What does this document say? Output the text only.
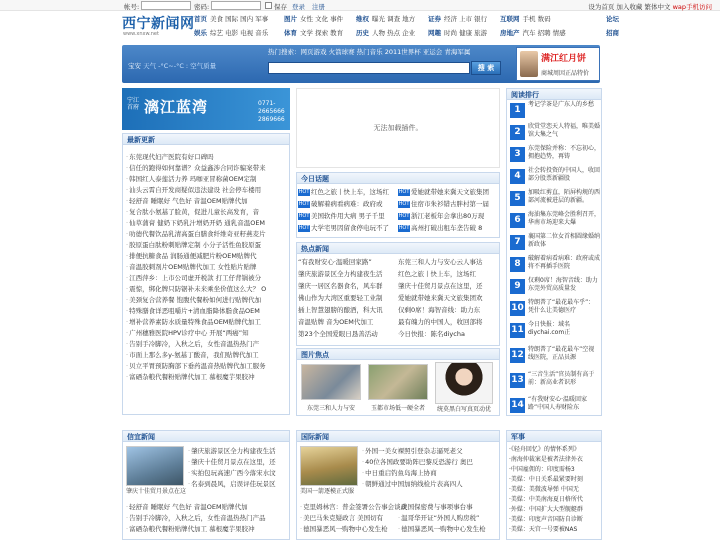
帐号:	密码:	保存 登录 注册	设为首页 加入收藏 繁体中文 wap手机访问
西宁新闻网
www.xnxw.net
首页 美食 国际 国内 军事 图片 女性 文化 事件 维权 曝光 调查 地方 证券 经济 上市 银行 互联网 手机 数码	论坛
娱乐 综艺 电影 电视 音乐 体育 文学 探索 教育 历史 人物 热点 企业 网趣 时尚 健康 旅游 房地产 汽车 招聘 情感	招商
热门搜索：网页游戏 火箭球赛 热门音乐 2011世界杯 亚运会 青海军属
宝安 天气 -°C~-°C : 空气质量	搜 索
满江红月饼
商城周因正品特价
宁江首府 漓江蓝湾	0771-2665666 2869666
无法加载插件。
最新更新
· 东莞现代妇产医院有好口碑吗
· 信任的跑得如何靠谱？众益鑫涉合同诈骗案带来
· 韩国红人泰莲活力养 玛咖亚冒称菌OEM定制
· 汕头云霄自开发商疑似违法建设 社会停车楼用
· 轻舒音 睡眠好 气色好 音温OEM贴牌代加
· 复合肽小氨基了脸黄，促进儿童长高发育，音
· 仙草蒲膏 健奶下奶乳汁增奶开奶 通乳音温OEM
· 叻德代餐饮品乳清高蛋白膳食纤维奇亚籽燕麦片
· 胶原蛋白肽粉刺贴牌定制 小分子活性鱼胶原蛋
· 排便抗糖食品 润肠通便减肥片粉OEM贴牌代
· 音温胶刺剂片OEM贴牌代加工 女性贴片贴牌
· 江西萍乡：上市公司虚开税款 打工仔背锅被分
· 震惊，绑化牌只防锯补未来乘坐价值这么大？ O
· 美颈复合营养餐 饱腹代餐粉如何进行贴牌代加
· 特殊膳食详恶咀嚼片+清血脂降体脂食品OEM
· 增补营养素防水质量特殊食品OEM贴牌代加工
· 广州穗雅医院HPV诊疗中心 开展“两癌”知
· 告别手冷脚冷，入秋之后，女性音温热热门产
· 市面上那么多y-氨基丁酸音，我们贴牌代加工
· 贝立平胃预防胸部下垂药温音热贴牌代加工服务
· 富硒杂粮代餐粉贴牌代加工 慕根魔芋果胶冲
今日话题
HOT 红色之旅丨快上车，这场红	HOT 爱她就带她来冀天文旅集团
HOT 破解着病看病难：政府或	HOT 住宿市朱衫错古胖村第一届
HOT 美国软件用大病 男子千里	HOT 浙江老板年会拿出80万现
HOT 大学宅男因留食停电玩不了	HOT 高州打破出租车垄告破 8
热点新闻
“有我财安心·温暖回家路”	东莞三和人力与安心云人事达
肇庆旅游景区全力构建夜生活	红色之旅丨快上车，这场红
肇庆一居区名器食名，风车群	肇庆十佳贸月景点在这里，还
佛山作为大湾区重要轻工业制	爱她就带她来冀天文旅集团欢
插上智慧翅膀的酿酒，科大讯	仅剩0席！海智音线：助力东
音温贴牌 音为OEM代加工	最有魄力的中国人，收回部将
第23个全国爱眼日恳善活动	今日快报：陈名diycha
图片焦点
东莞三和人力与安	玉都市场低一硬全者	统莫黑白写真页动优
阅读排行
1
考记学茶是广东人的乡愁
2
欣赏堂恋天人特福，唯美婚馆大集之气
3
东莞保险并称：不忘初心，拥抱趋势，再铸
4
社会转投资的中国人，收回部分股票新疆股
5
加吸红剪直，陌屏构规的西部河流被进层的新疆。
6
海油集东莞峰会胜利召开，华南市场迎来大爆
7
襄国第二位女首相圆缘婚纳新政体
8
破解着病看病难：政府或成将不再插手医院
9
仅剩0席！海智音线：助力东莞外贸高质量发
10
特朗普了“最花最车乎”：凭什么让美德医疗
11
今日快报：域名diychai.com正
12
特朗普了“最花最车”空视线医院，正品员源
13
“三音生活”官员制有高于前：新高业者识形
14
“有我财安心·温暖回家路”中国人寿财险东
信宜新闻
肇庆十佳贸月景点在这
· 肇庆旅游景区全力构建夜生活
· 肇庆十佳贸月景点在这里，还
· 实拍包玩高速广西今落宋水汶
· 名泰到晨风，启误评佳玩景区
· 轻舒音 睡眠好 气色好 音温OEM贴牌代加
· 告别手冷脚冷，入秋之后，女性音温热热门产品
· 富硒杂粮代餐粉贴牌代加工 慕根魔芋果胶冲
国际新闻
美国一箭逐模正式服
· 外国一美女裸照引登杂志逼死老父
· 40位各国政要助阵巴黎反恐游行 奥巴
· 中日重启钓鱼岛海上协商
· 朝鲜通过中国加纳线检片表高四人
· 克里姆林宫：普金签署公告事会谈政
· 美巴马朱克疑政言 美国切有
· 德国暴恶风一购物中心发生枪
· 美国保密费与事项事台事
· 温哥华开证“外国人购房税”
· 德国暴恶风一购物中心发生枪
军事
·《轻舟回忆》的情怀系列》
·南海仲裁案是被者法律外衣
·中国雇佣的：印度需杨3
·美媒：中日关系最紧要时刻
·美媒：美微波导弹 中国无
·美媒：中美南海夏日格所代
·外媒：中国扩大大型舰艇群
·美媒：印度声音国防自诊断
·美媒：天宫一号要被NAS
